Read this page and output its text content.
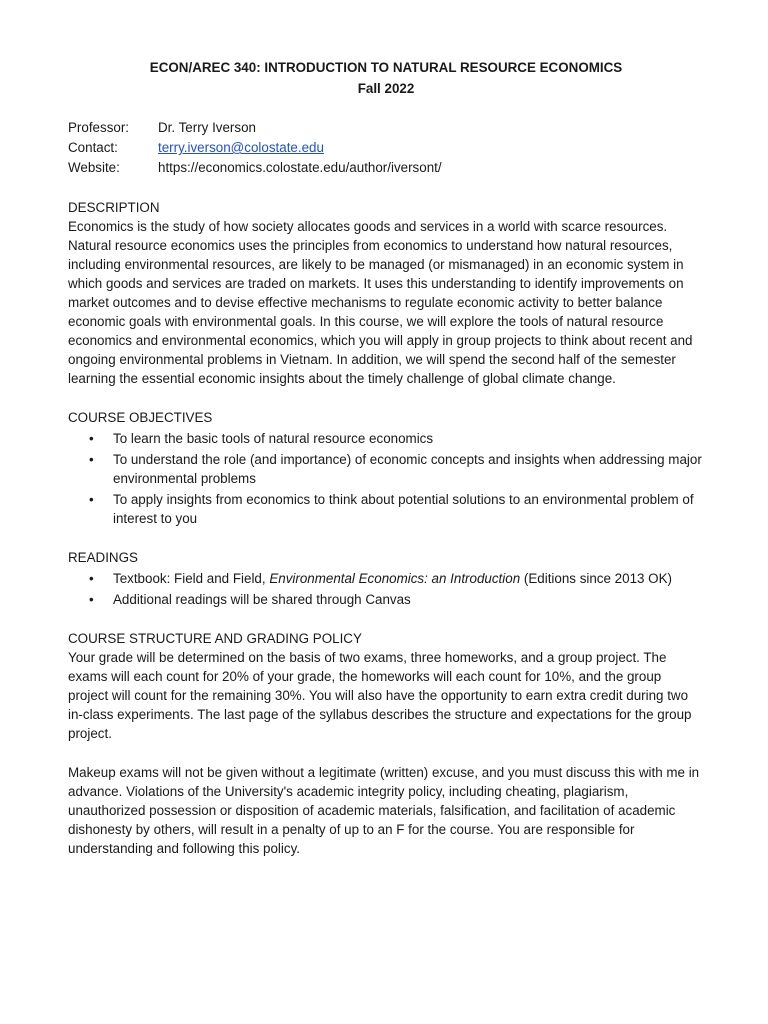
ECON/AREC 340: INTRODUCTION TO NATURAL RESOURCE ECONOMICS
Fall 2022
Professor:	Dr. Terry Iverson
Contact:	terry.iverson@colostate.edu
Website:	https://economics.colostate.edu/author/iversont/
DESCRIPTION

Economics is the study of how society allocates goods and services in a world with scarce resources. Natural resource economics uses the principles from economics to understand how natural resources, including environmental resources, are likely to be managed (or mismanaged) in an economic system in which goods and services are traded on markets. It uses this understanding to identify improvements on market outcomes and to devise effective mechanisms to regulate economic activity to better balance economic goals with environmental goals. In this course, we will explore the tools of natural resource economics and environmental economics, which you will apply in group projects to think about recent and ongoing environmental problems in Vietnam. In addition, we will spend the second half of the semester learning the essential economic insights about the timely challenge of global climate change.

COURSE OBJECTIVES
• To learn the basic tools of natural resource economics
• To understand the role (and importance) of economic concepts and insights when addressing major environmental problems
• To apply insights from economics to think about potential solutions to an environmental problem of interest to you
READINGS
• Textbook: Field and Field, Environmental Economics: an Introduction (Editions since 2013 OK)
• Additional readings will be shared through Canvas
COURSE STRUCTURE AND GRADING POLICY

Your grade will be determined on the basis of two exams, three homeworks, and a group project. The exams will each count for 20% of your grade, the homeworks will each count for 10%, and the group project will count for the remaining 30%. You will also have the opportunity to earn extra credit during two in-class experiments. The last page of the syllabus describes the structure and expectations for the group project.

Makeup exams will not be given without a legitimate (written) excuse, and you must discuss this with me in advance. Violations of the University's academic integrity policy, including cheating, plagiarism, unauthorized possession or disposition of academic materials, falsification, and facilitation of academic dishonesty by others, will result in a penalty of up to an F for the course. You are responsible for understanding and following this policy.
